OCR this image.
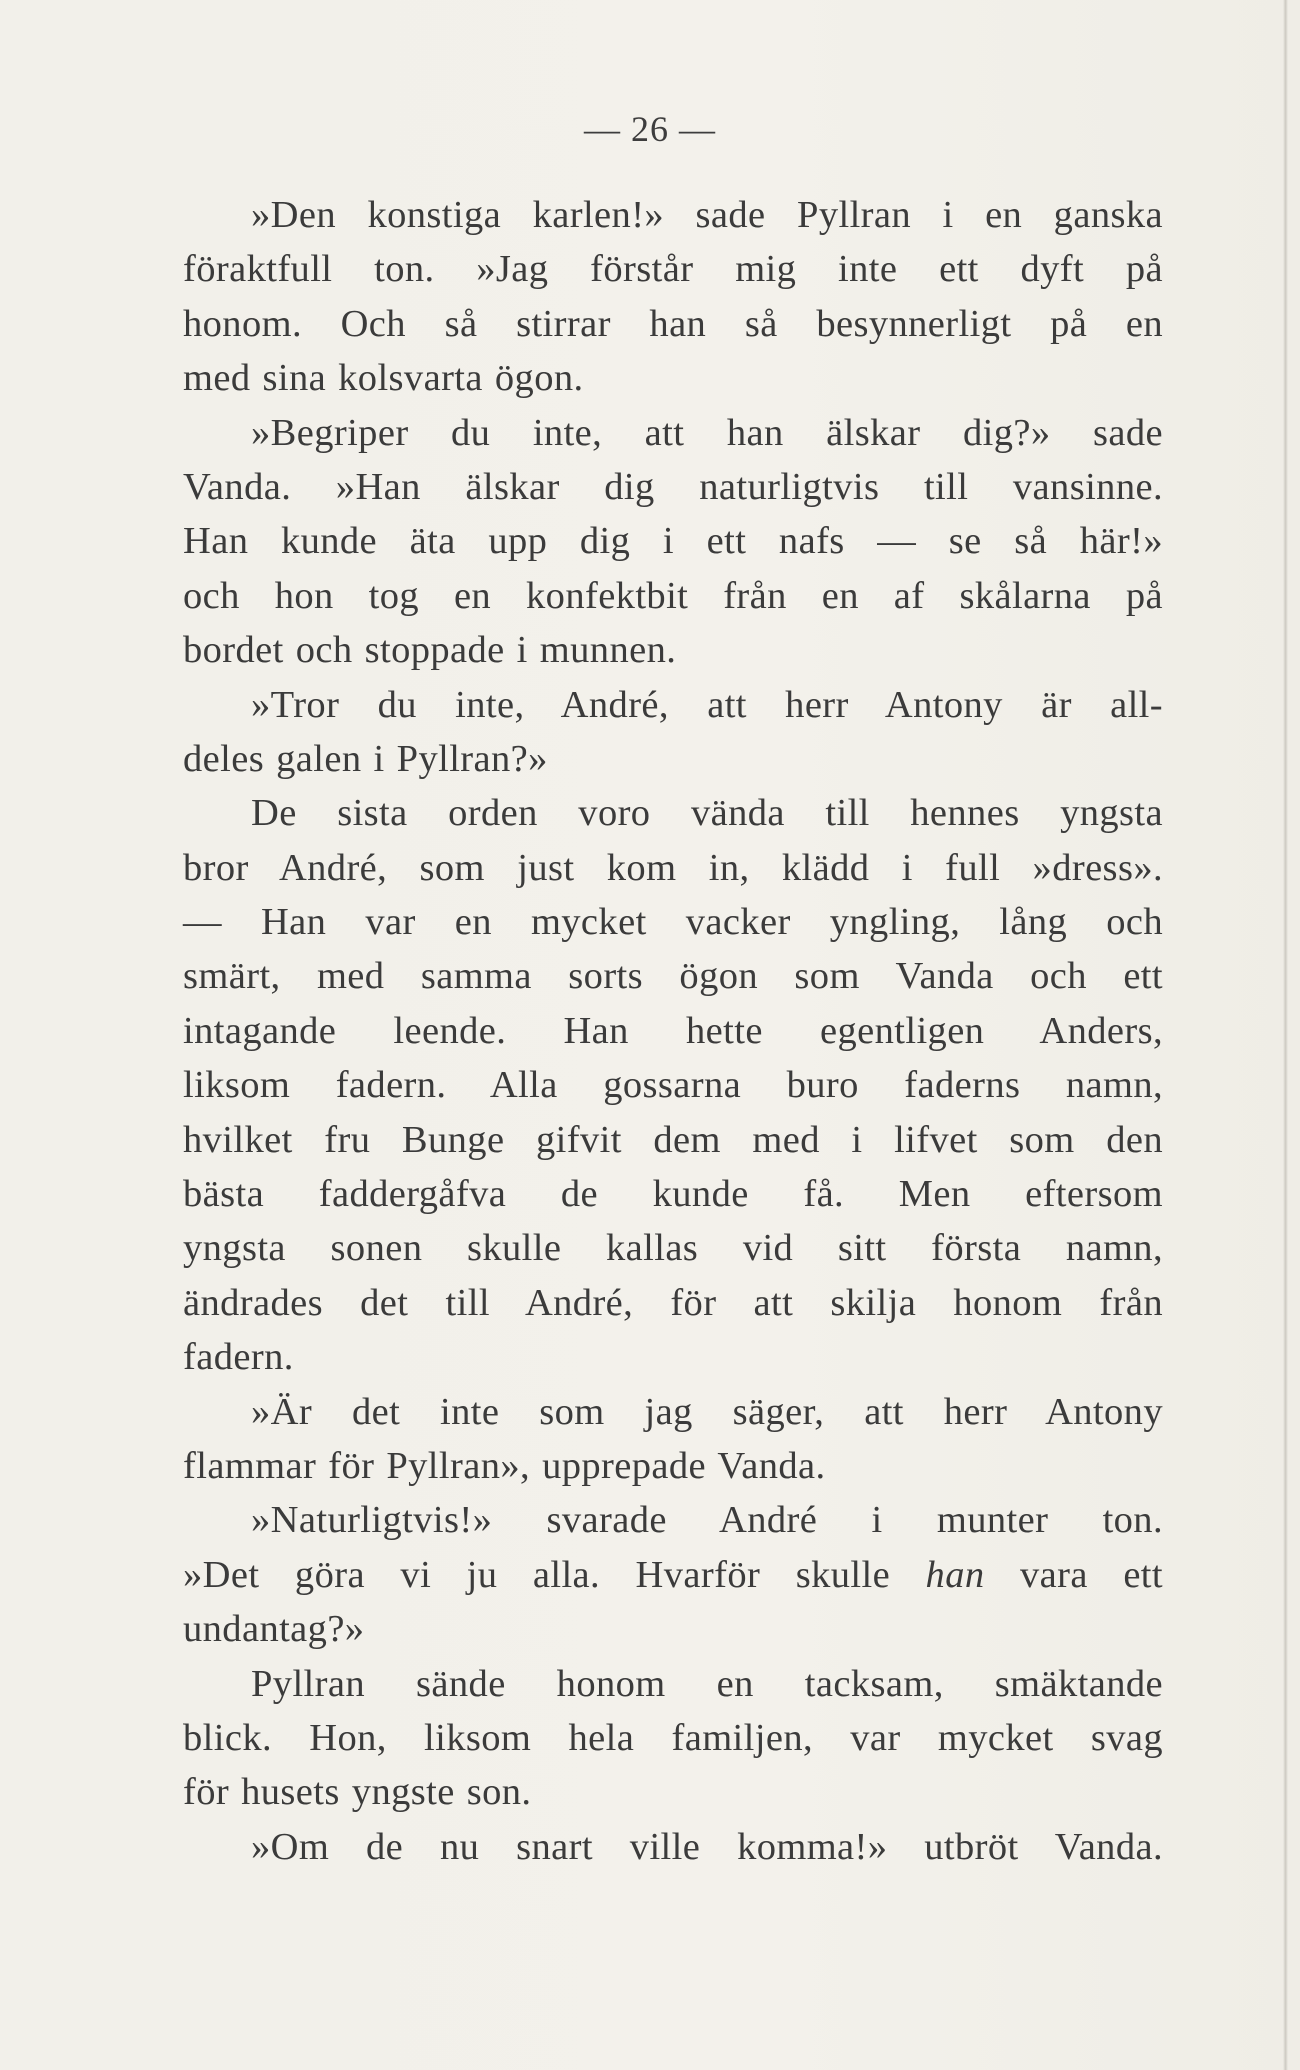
— 26 —
»Den konstiga karlen!» sade Pyllran i en ganska
föraktfull ton. »Jag förstår mig inte ett dyft på
honom. Och så stirrar han så besynnerligt på en
med sina kolsvarta ögon.
»Begriper du inte, att han älskar dig?» sade
Vanda. »Han älskar dig naturligtvis till vansinne.
Han kunde äta upp dig i ett nafs — se så här!»
och hon tog en konfektbit från en af skålarna på
bordet och stoppade i munnen.
»Tror du inte, André, att herr Antony är all-
deles galen i Pyllran?»
De sista orden voro vända till hennes yngsta
bror André, som just kom in, klädd i full »dress».
— Han var en mycket vacker yngling, lång och
smärt, med samma sorts ögon som Vanda och ett
intagande leende. Han hette egentligen Anders,
liksom fadern. Alla gossarna buro faderns namn,
hvilket fru Bunge gifvit dem med i lifvet som den
bästa faddergåfva de kunde få. Men eftersom
yngsta sonen skulle kallas vid sitt första namn,
ändrades det till André, för att skilja honom från
fadern.
»Är det inte som jag säger, att herr Antony
flammar för Pyllran», upprepade Vanda.
»Naturligtvis!» svarade André i munter ton.
»Det göra vi ju alla. Hvarför skulle han vara ett
undantag?»
Pyllran sände honom en tacksam, smäktande
blick. Hon, liksom hela familjen, var mycket svag
för husets yngste son.
»Om de nu snart ville komma!» utbröt Vanda.
